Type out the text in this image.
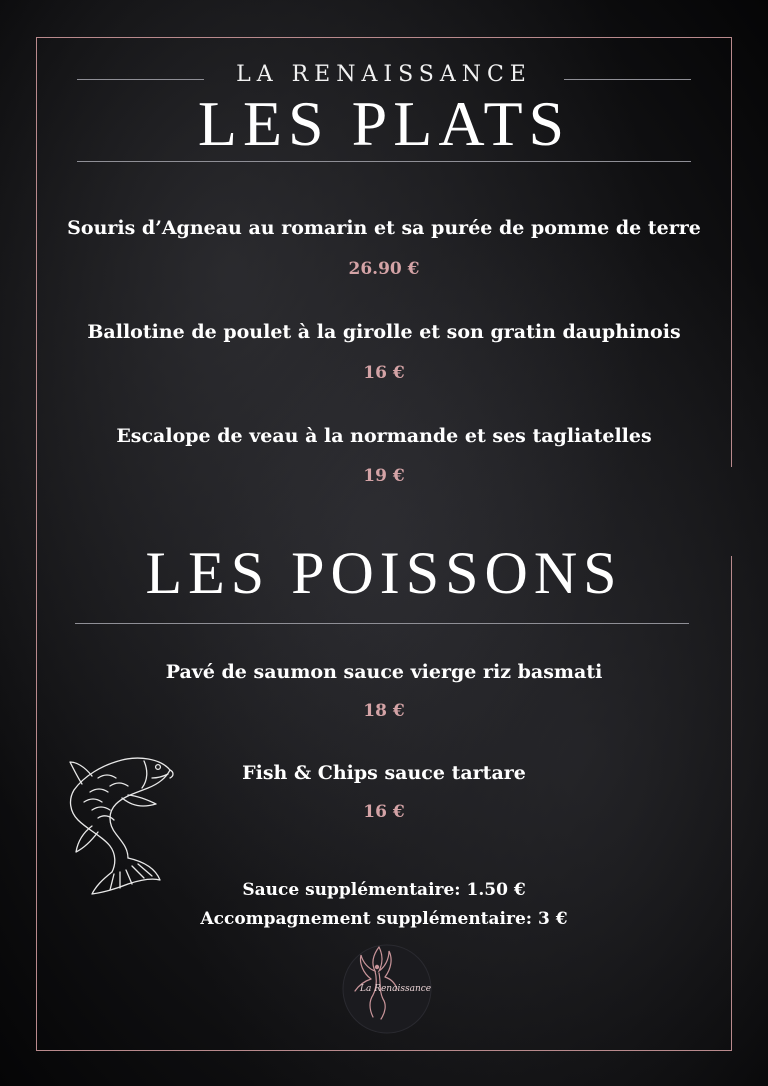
LA RENAISSANCE
LES PLATS
Souris d’Agneau au romarin et sa purée de pomme de terre
26.90 €
Ballotine de poulet à la girolle et son gratin dauphinois
16 €
Escalope de veau à la normande et ses tagliatelles
19 €
LES POISSONS
Pavé de saumon sauce vierge riz basmati
18 €
Fish & Chips sauce tartare
16 €
Sauce supplémentaire: 1.50 €
Accompagnement supplémentaire: 3 €
La Renaissance
